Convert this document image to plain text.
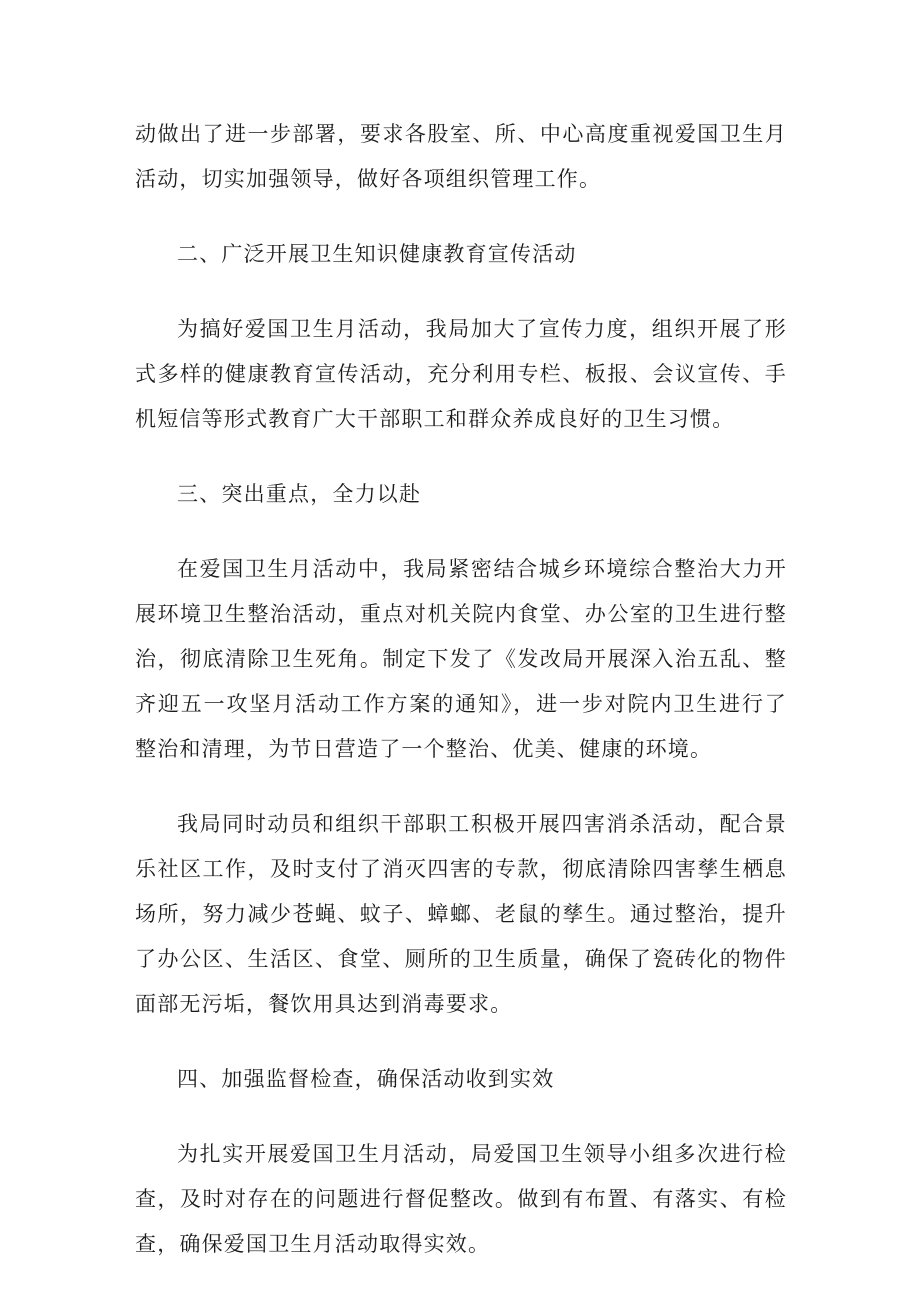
动做出了进一步部署，要求各股室、所、中心高度重视爱国卫生月活动，切实加强领导，做好各项组织管理工作。

二、广泛开展卫生知识健康教育宣传活动

为搞好爱国卫生月活动，我局加大了宣传力度，组织开展了形式多样的健康教育宣传活动，充分利用专栏、板报、会议宣传、手机短信等形式教育广大干部职工和群众养成良好的卫生习惯。

三、突出重点，全力以赴

在爱国卫生月活动中，我局紧密结合城乡环境综合整治大力开展环境卫生整治活动，重点对机关院内食堂、办公室的卫生进行整治，彻底清除卫生死角。制定下发了《发改局开展深入治五乱、整齐迎五一攻坚月活动工作方案的通知》，进一步对院内卫生进行了整治和清理，为节日营造了一个整治、优美、健康的环境。

我局同时动员和组织干部职工积极开展四害消杀活动，配合景乐社区工作，及时支付了消灭四害的专款，彻底清除四害孳生栖息场所，努力减少苍蝇、蚊子、蟑螂、老鼠的孳生。通过整治，提升了办公区、生活区、食堂、厕所的卫生质量，确保了瓷砖化的物件面部无污垢，餐饮用具达到消毒要求。

四、加强监督检查，确保活动收到实效

为扎实开展爱国卫生月活动，局爱国卫生领导小组多次进行检查，及时对存在的问题进行督促整改。做到有布置、有落实、有检查，确保爱国卫生月活动取得实效。
